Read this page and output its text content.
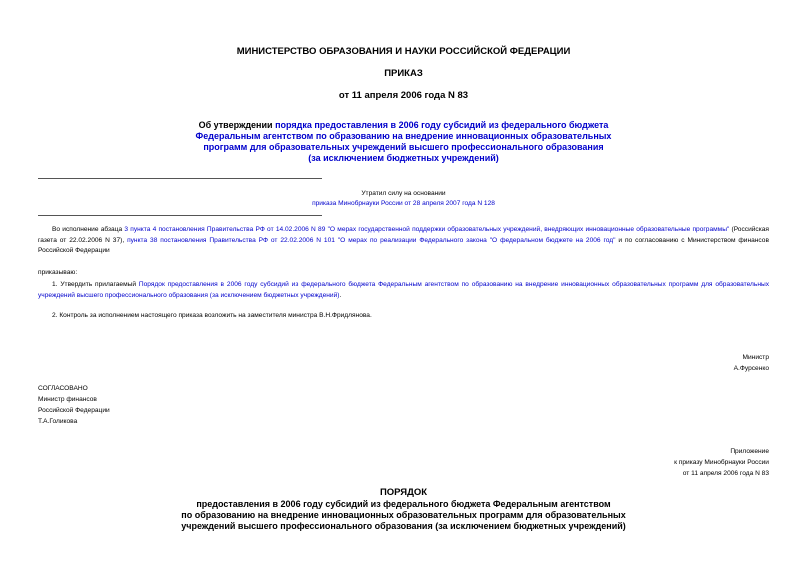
МИНИСТЕРСТВО ОБРАЗОВАНИЯ И НАУКИ РОССИЙСКОЙ ФЕДЕРАЦИИ
ПРИКАЗ
от 11 апреля 2006 года N 83
Об утверждении порядка предоставления в 2006 году субсидий из федерального бюджета
Федеральным агентством по образованию на внедрение инновационных образовательных
программ для образовательных учреждений высшего профессионального образования
(за исключением бюджетных учреждений)
Утратил силу на основании
приказа Минобрнауки России от 28 апреля 2007 года N 128
Во исполнение абзаца 3 пункта 4 постановления Правительства РФ от 14.02.2006 N 89 "О мерах государственной поддержки образовательных учреждений, внедряющих инновационные образовательные программы" (Российская газета от 22.02.2006 N 37), пункта 38 постановления Правительства РФ от 22.02.2006 N 101 "О мерах по реализации Федерального закона "О федеральном бюджете на 2006 год" и по согласованию с Министерством финансов Российской Федерации
приказываю:
1. Утвердить прилагаемый Порядок предоставления в 2006 году субсидий из федерального бюджета Федеральным агентством по образованию на внедрение инновационных образовательных программ для образовательных учреждений высшего профессионального образования (за исключением бюджетных учреждений).
2. Контроль за исполнением настоящего приказа возложить на заместителя министра В.Н.Фридлянова.
Министр
А.Фурсенко
СОГЛАСОВАНО
Министр финансов
Российской Федерации
Т.А.Голикова
Приложение
к приказу Минобрнауки России
от 11 апреля 2006 года N 83
ПОРЯДОК
предоставления в 2006 году субсидий из федерального бюджета Федеральным агентством
по образованию на внедрение инновационных образовательных программ для образовательных
учреждений высшего профессионального образования (за исключением бюджетных учреждений)
